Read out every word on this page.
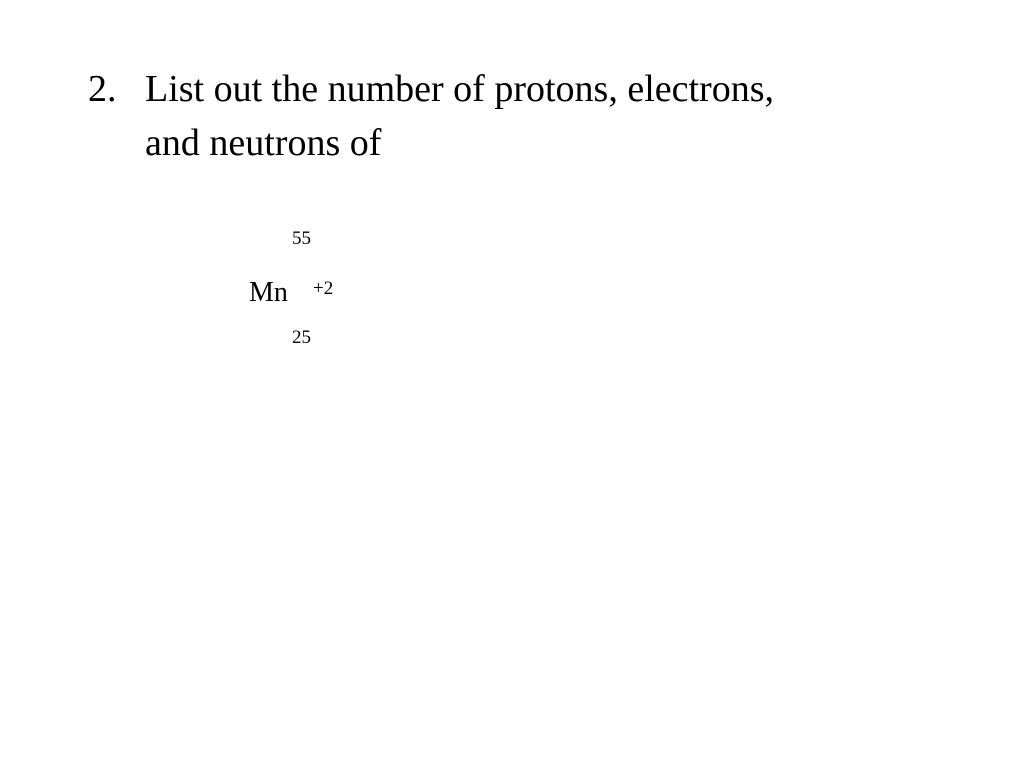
2. List out the number of protons, electrons,
and neutrons of
55
Mn +2
25
